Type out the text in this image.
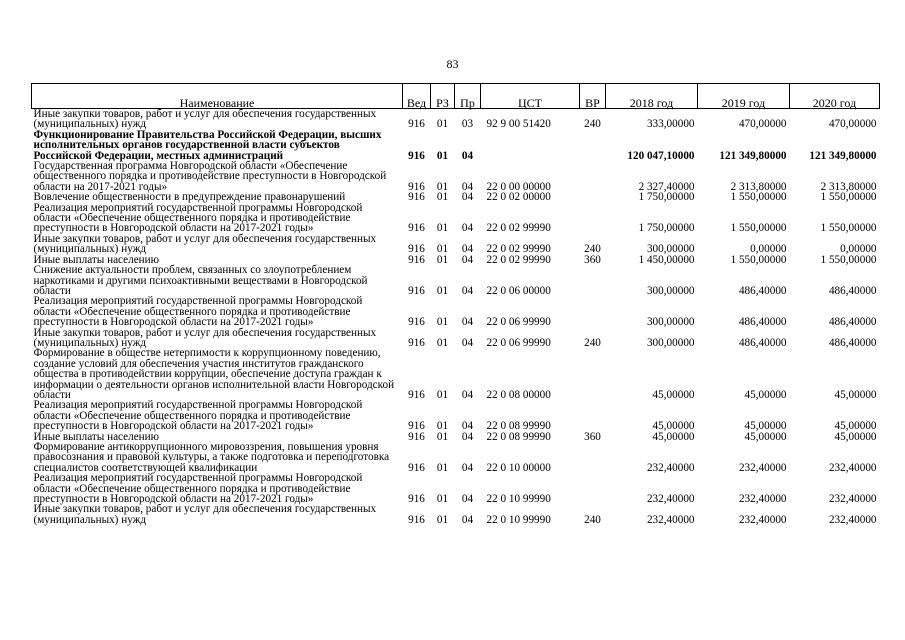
83
Наименование	Вед	РЗ	Пр	ЦСТ	ВР	2018 год	2019 год	2020 год
Иные закупки товаров, работ и услуг для обеспечения государственных (муниципальных) нужд	916	01	03	92 9 00 51420	240	333,00000	470,00000	470,00000
Функционирование Правительства Российской Федерации, высших исполнительных органов государственной власти субъектов Российской Федерации, местных администраций	916	01	04			120 047,10000	121 349,80000	121 349,80000
Государственная программа Новгородской области «Обеспечение общественного порядка и противодействие преступности в Новгородской области на 2017-2021 годы»	916	01	04	22 0 00 00000		2 327,40000	2 313,80000	2 313,80000
Вовлечение общественности в предупреждение правонарушений	916	01	04	22 0 02 00000		1 750,00000	1 550,00000	1 550,00000
Реализация мероприятий государственной программы Новгородской области «Обеспечение общественного порядка и противодействие преступности в Новгородской области на 2017-2021 годы»	916	01	04	22 0 02 99990		1 750,00000	1 550,00000	1 550,00000
Иные закупки товаров, работ и услуг для обеспечения государственных (муниципальных) нужд	916	01	04	22 0 02 99990	240	300,00000	0,00000	0,00000
Иные выплаты населению	916	01	04	22 0 02 99990	360	1 450,00000	1 550,00000	1 550,00000
Снижение актуальности проблем, связанных со злоупотреблением наркотиками и другими психоактивными веществами в Новгородской области	916	01	04	22 0 06 00000		300,00000	486,40000	486,40000
Реализация мероприятий государственной программы Новгородской области «Обеспечение общественного порядка и противодействие преступности в Новгородской области на 2017-2021 годы»	916	01	04	22 0 06 99990		300,00000	486,40000	486,40000
Иные закупки товаров, работ и услуг для обеспечения государственных (муниципальных) нужд	916	01	04	22 0 06 99990	240	300,00000	486,40000	486,40000
Формирование в обществе нетерпимости к коррупционному поведению, создание условий для обеспечения участия институтов гражданского общества в противодействии коррупции, обеспечение доступа граждан к информации о деятельности органов исполнительной власти Новгородской области	916	01	04	22 0 08 00000		45,00000	45,00000	45,00000
Реализация мероприятий государственной программы Новгородской области «Обеспечение общественного порядка и противодействие преступности в Новгородской области на 2017-2021 годы»	916	01	04	22 0 08 99990		45,00000	45,00000	45,00000
Иные выплаты населению	916	01	04	22 0 08 99990	360	45,00000	45,00000	45,00000
Формирование антикоррупционного мировоззрения, повышения уровня правосознания и правовой культуры, а также подготовка и переподготовка специалистов соответствующей квалификации	916	01	04	22 0 10 00000		232,40000	232,40000	232,40000
Реализация мероприятий государственной программы Новгородской области «Обеспечение общественного порядка и противодействие преступности в Новгородской области на 2017-2021 годы»	916	01	04	22 0 10 99990		232,40000	232,40000	232,40000
Иные закупки товаров, работ и услуг для обеспечения государственных (муниципальных) нужд	916	01	04	22 0 10 99990	240	232,40000	232,40000	232,40000
